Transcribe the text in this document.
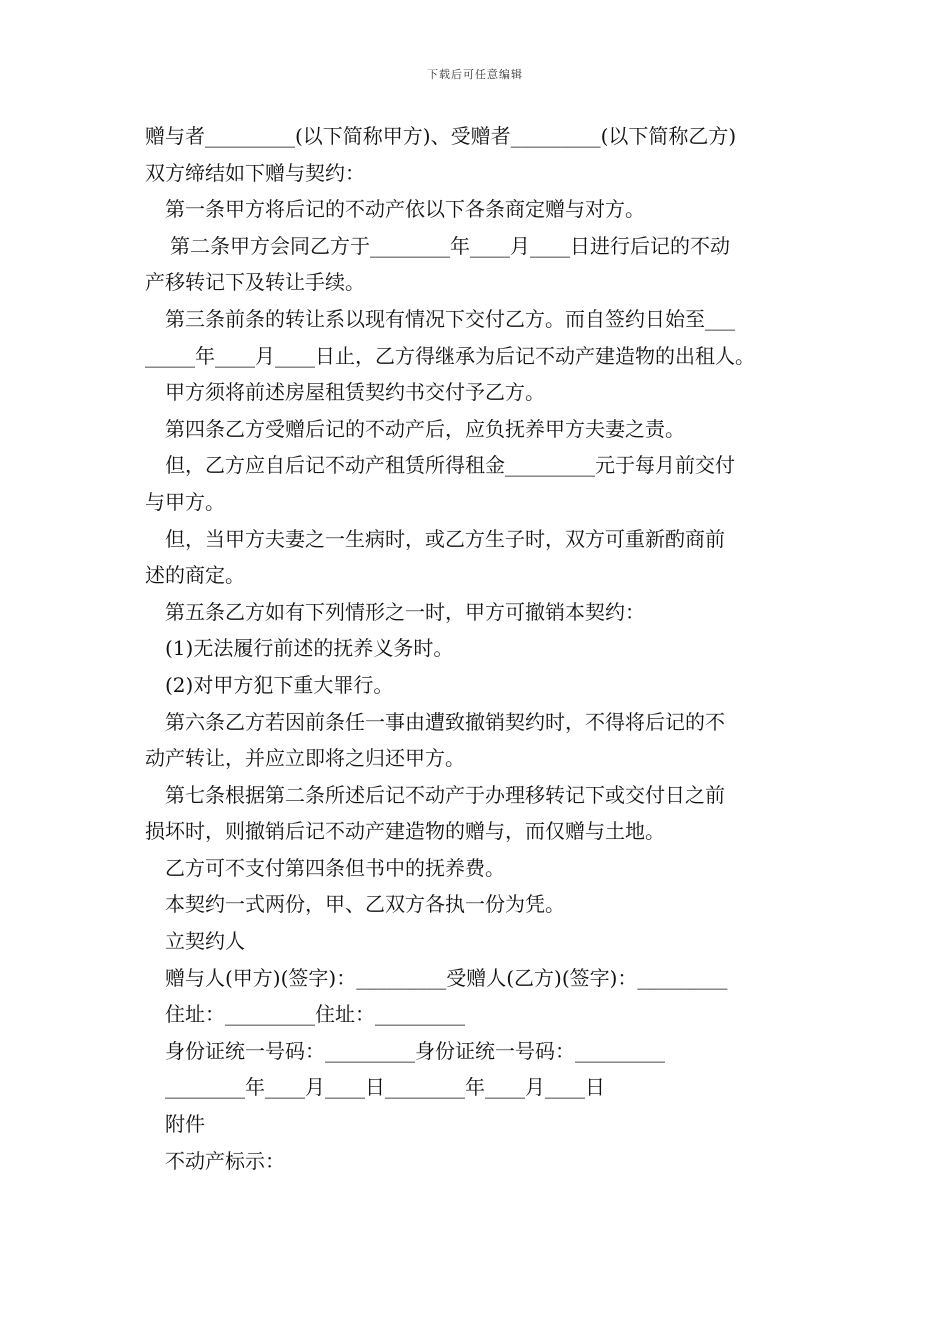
下载后可任意编辑
赠与者_________(以下简称甲方)、受赠者_________(以下简称乙方)
双方缔结如下赠与契约：
第一条甲方将后记的不动产依以下各条商定赠与对方。
第二条甲方会同乙方于________年____月____日进行后记的不动
产移转记下及转让手续。
第三条前条的转让系以现有情况下交付乙方。而自签约日始至___
_____年____月____日止，乙方得继承为后记不动产建造物的出租人。
甲方须将前述房屋租赁契约书交付予乙方。
第四条乙方受赠后记的不动产后，应负抚养甲方夫妻之责。
但，乙方应自后记不动产租赁所得租金_________元于每月前交付
与甲方。
但，当甲方夫妻之一生病时，或乙方生子时，双方可重新酌商前
述的商定。
第五条乙方如有下列情形之一时，甲方可撤销本契约：
(1)无法履行前述的抚养义务时。
(2)对甲方犯下重大罪行。
第六条乙方若因前条任一事由遭致撤销契约时，不得将后记的不
动产转让，并应立即将之归还甲方。
第七条根据第二条所述后记不动产于办理移转记下或交付日之前
损坏时，则撤销后记不动产建造物的赠与，而仅赠与土地。
乙方可不支付第四条但书中的抚养费。
本契约一式两份，甲、乙双方各执一份为凭。
立契约人
赠与人(甲方)(签字)：_________受赠人(乙方)(签字)：_________
住址：_________住址：_________
身份证统一号码：_________身份证统一号码：_________
________年____月____日________年____月____日
附件
不动产标示：
